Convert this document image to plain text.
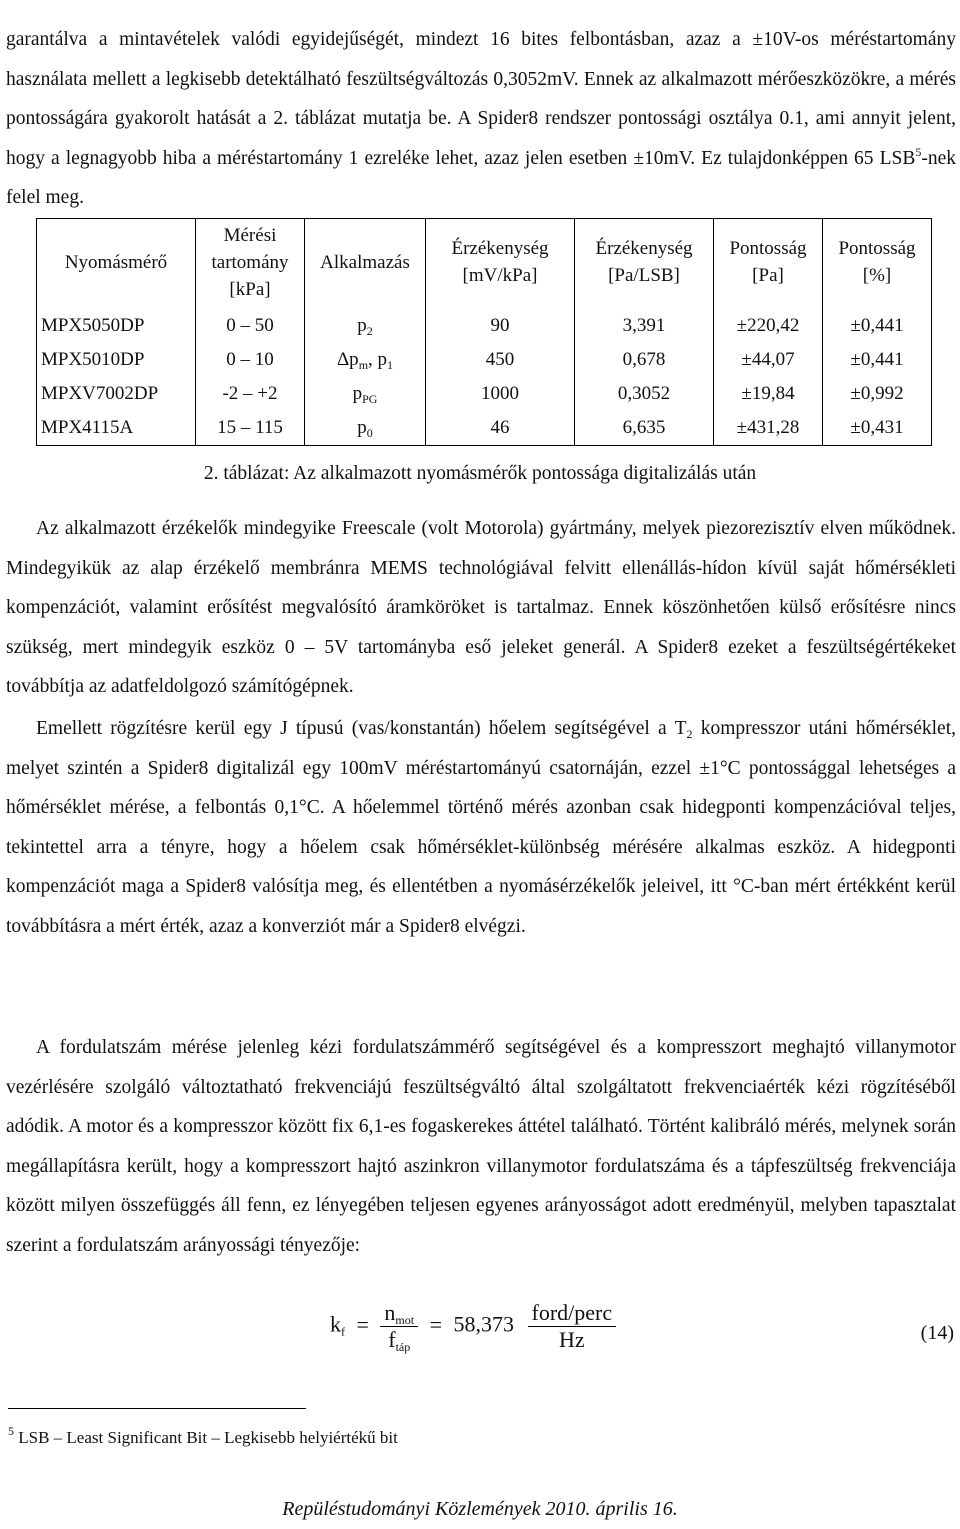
garantálva a mintavételek valódi egyidejűségét, mindezt 16 bites felbontásban, azaz a ±10V-os méréstartomány használata mellett a legkisebb detektálható feszültségváltozás 0,3052mV. Ennek az alkalmazott mérőeszközökre, a mérés pontosságára gyakorolt hatását a 2. táblázat mutatja be. A Spider8 rendszer pontossági osztálya 0.1, ami annyit jelent, hogy a legnagyobb hiba a méréstartomány 1 ezreléke lehet, azaz jelen esetben ±10mV. Ez tulajdonképpen 65 LSB$^5$-nek felel meg.

Nyomásmérő	Mérési tartomány [kPa]	Alkalmazás	Érzékenység [mV/kPa]	Érzékenység [Pa/LSB]	Pontosság [Pa]	Pontosság [%]
MPX5050DP	0 – 50	$p_2$	90	3,391	±220,42	±0,441
MPX5010DP	0 – 10	$\Delta p_m$, $p_1$	450	0,678	±44,07	±0,441
MPXV7002DP	-2 – +2	$p_{PG}$	1000	0,3052	±19,84	±0,992
MPX4115A	15 – 115	$p_0$	46	6,635	±431,28	±0,431
2. táblázat: Az alkalmazott nyomásmérők pontossága digitalizálás után

Az alkalmazott érzékelők mindegyike Freescale (volt Motorola) gyártmány, melyek piezorezisztív elven működnek. Mindegyikük az alap érzékelő membránra MEMS technológiával felvitt ellenállás-hídon kívül saját hőmérsékleti kompenzációt, valamint erősítést megvalósító áramköröket is tartalmaz. Ennek köszönhetően külső erősítésre nincs szükség, mert mindegyik eszköz 0 – 5V tartományba eső jeleket generál. A Spider8 ezeket a feszültségértékeket továbbítja az adatfeldolgozó számítógépnek.

Emellett rögzítésre kerül egy J típusú (vas/konstantán) hőelem segítségével a $T_2$ kompresszor utáni hőmérséklet, melyet szintén a Spider8 digitalizál egy 100mV méréstartományú csatornáján, ezzel ±1°C pontossággal lehetséges a hőmérséklet mérése, a felbontás 0,1°C. A hőelemmel történő mérés azonban csak hidegponti kompenzációval teljes, tekintettel arra a tényre, hogy a hőelem csak hőmérséklet-különbség mérésére alkalmas eszköz. A hidegponti kompenzációt maga a Spider8 valósítja meg, és ellentétben a nyomásérzékelők jeleivel, itt °C-ban mért értékként kerül továbbításra a mért érték, azaz a konverziót már a Spider8 elvégzi.

A fordulatszám mérése jelenleg kézi fordulatszámmérő segítségével és a kompresszort meghajtó villanymotor vezérlésére szolgáló változtatható frekvenciájú feszültségváltó által szolgáltatott frekvenciaérték kézi rögzítéséből adódik. A motor és a kompresszor között fix 6,1-es fogaskerekes áttétel található. Történt kalibráló mérés, melynek során megállapításra került, hogy a kompresszort hajtó aszinkron villanymotor fordulatszáma és a tápfeszültség frekvenciája között milyen összefüggés áll fenn, ez lényegében teljesen egyenes arányosságot adott eredményül, melyben tapasztalat szerint a fordulatszám arányossági tényezője:

$k_f = \frac{n_{mot}}{f_{táp}} = 58,373 \frac{\text{ford/perc}}{Hz}$	(14)
$^5$ LSB – Least Significant Bit – Legkisebb helyiértékű bit
Repüléstudományi Közlemények 2010. április 16.
